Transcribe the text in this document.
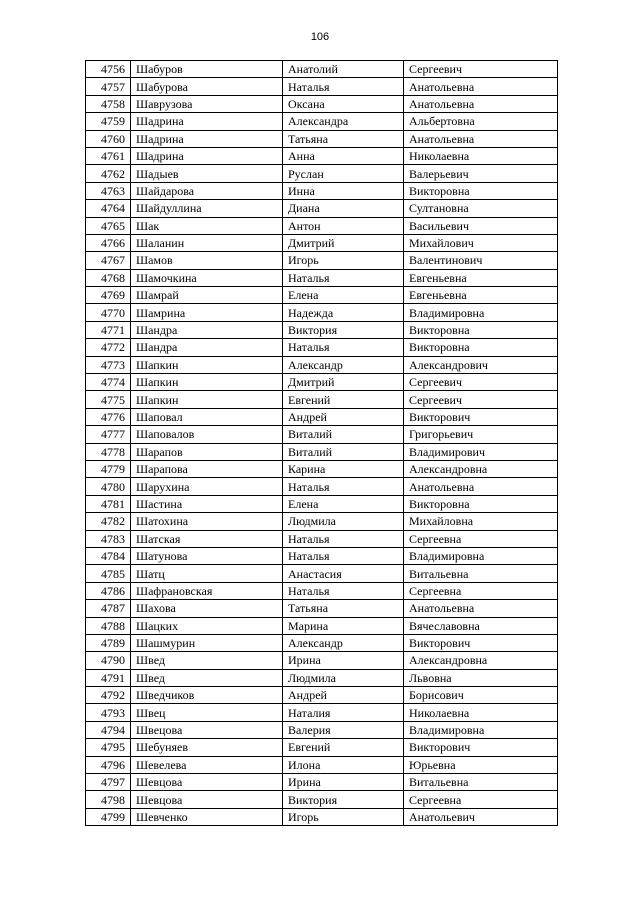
106
4756	Шабуров	Анатолий	Сергеевич
4757	Шабурова	Наталья	Анатольевна
4758	Шаврузова	Оксана	Анатольевна
4759	Шадрина	Александра	Альбертовна
4760	Шадрина	Татьяна	Анатольевна
4761	Шадрина	Анна	Николаевна
4762	Шадыев	Руслан	Валерьевич
4763	Шайдарова	Инна	Викторовна
4764	Шайдуллина	Диана	Султановна
4765	Шак	Антон	Васильевич
4766	Шаланин	Дмитрий	Михайлович
4767	Шамов	Игорь	Валентинович
4768	Шамочкина	Наталья	Евгеньевна
4769	Шамрай	Елена	Евгеньевна
4770	Шамрина	Надежда	Владимировна
4771	Шандра	Виктория	Викторовна
4772	Шандра	Наталья	Викторовна
4773	Шапкин	Александр	Александрович
4774	Шапкин	Дмитрий	Сергеевич
4775	Шапкин	Евгений	Сергеевич
4776	Шаповал	Андрей	Викторович
4777	Шаповалов	Виталий	Григорьевич
4778	Шарапов	Виталий	Владимирович
4779	Шарапова	Карина	Александровна
4780	Шарухина	Наталья	Анатольевна
4781	Шастина	Елена	Викторовна
4782	Шатохина	Людмила	Михайловна
4783	Шатская	Наталья	Сергеевна
4784	Шатунова	Наталья	Владимировна
4785	Шатц	Анастасия	Витальевна
4786	Шафрановская	Наталья	Сергеевна
4787	Шахова	Татьяна	Анатольевна
4788	Шацких	Марина	Вячеславовна
4789	Шашмурин	Александр	Викторович
4790	Швед	Ирина	Александровна
4791	Швед	Людмила	Львовна
4792	Шведчиков	Андрей	Борисович
4793	Швец	Наталия	Николаевна
4794	Швецова	Валерия	Владимировна
4795	Шебуняев	Евгений	Викторович
4796	Шевелева	Илона	Юрьевна
4797	Шевцова	Ирина	Витальевна
4798	Шевцова	Виктория	Сергеевна
4799	Шевченко	Игорь	Анатольевич
